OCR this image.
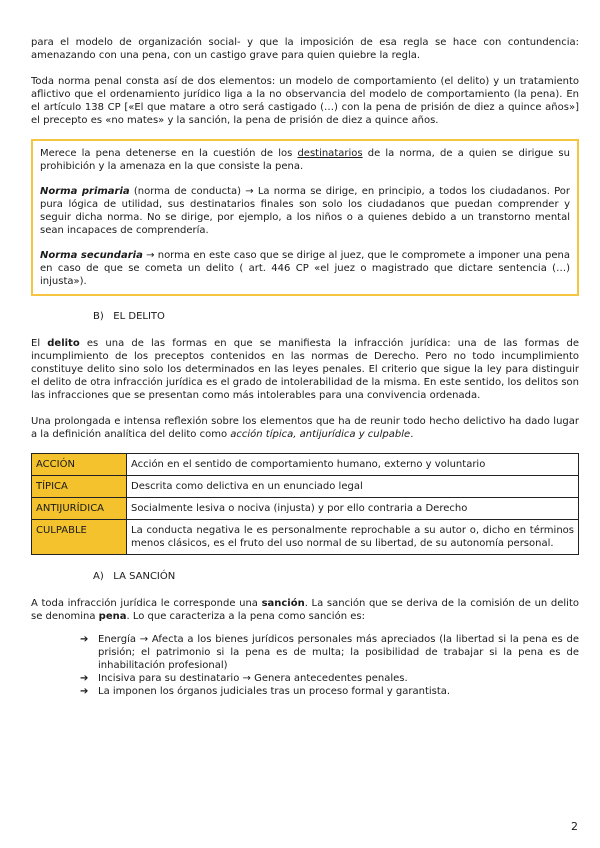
para el modelo de organización social- y que la imposición de esa regla se hace con contundencia: amenazando con una pena, con un castigo grave para quien quiebre la regla.

Toda norma penal consta así de dos elementos: un modelo de comportamiento (el delito) y un tratamiento aflictivo que el ordenamiento jurídico liga a la no observancia del modelo de comportamiento (la pena). En el artículo 138 CP [«El que matare a otro será castigado (…) con la pena de prisión de diez a quince años»] el precepto es «no mates» y la sanción, la pena de prisión de diez a quince años.

Merece la pena detenerse en la cuestión de los destinatarios de la norma, de a quien se dirigue su prohibición y la amenaza en la que consiste la pena.

Norma primaria (norma de conducta) → La norma se dirige, en principio, a todos los ciudadanos. Por pura lógica de utilidad, sus destinatarios finales son solo los ciudadanos que puedan comprender y seguir dicha norma. No se dirige, por ejemplo, a los niños o a quienes debido a un transtorno mental sean incapaces de comprendería.

Norma secundaria → norma en este caso que se dirige al juez, que le compromete a imponer una pena en caso de que se cometa un delito ( art. 446 CP «el juez o magistrado que dictare sentencia (…) injusta»).

B)   EL DELITO

El delito es una de las formas en que se manifiesta la infracción jurídica: una de las formas de incumplimiento de los preceptos contenidos en las normas de Derecho. Pero no todo incumplimiento constituye delito sino solo los determinados en las leyes penales. El criterio que sigue la ley para distinguir el delito de otra infracción jurídica es el grado de intolerabilidad de la misma. En este sentido, los delitos son las infracciones que se presentan como más intolerables para una convivencia ordenada.

Una prolongada e intensa reflexión sobre los elementos que ha de reunir todo hecho delictivo ha dado lugar a la definición analítica del delito como acción típica, antijurídica y culpable.

ACCIÓN	Acción en el sentido de comportamiento humano, externo y voluntario
TÍPICA	Descrita como delictiva en un enunciado legal
ANTIJURÍDICA	Socialmente lesiva o nociva (injusta) y por ello contraria a Derecho
CULPABLE	La conducta negativa le es personalmente reprochable a su autor o, dicho en términos menos clásicos, es el fruto del uso normal de su libertad, de su autonomía personal.
A)   LA SANCIÓN

A toda infracción jurídica le corresponde una sanción. La sanción que se deriva de la comisión de un delito se denomina pena. Lo que caracteriza a la pena como sanción es:

➔ Energía → Afecta a los bienes jurídicos personales más apreciados (la libertad si la pena es de prisión; el patrimonio si la pena es de multa; la posibilidad de trabajar si la pena es de inhabilitación profesional)
➔ Incisiva para su destinatario → Genera antecedentes penales.
➔ La imponen los órganos judiciales tras un proceso formal y garantista.
2
